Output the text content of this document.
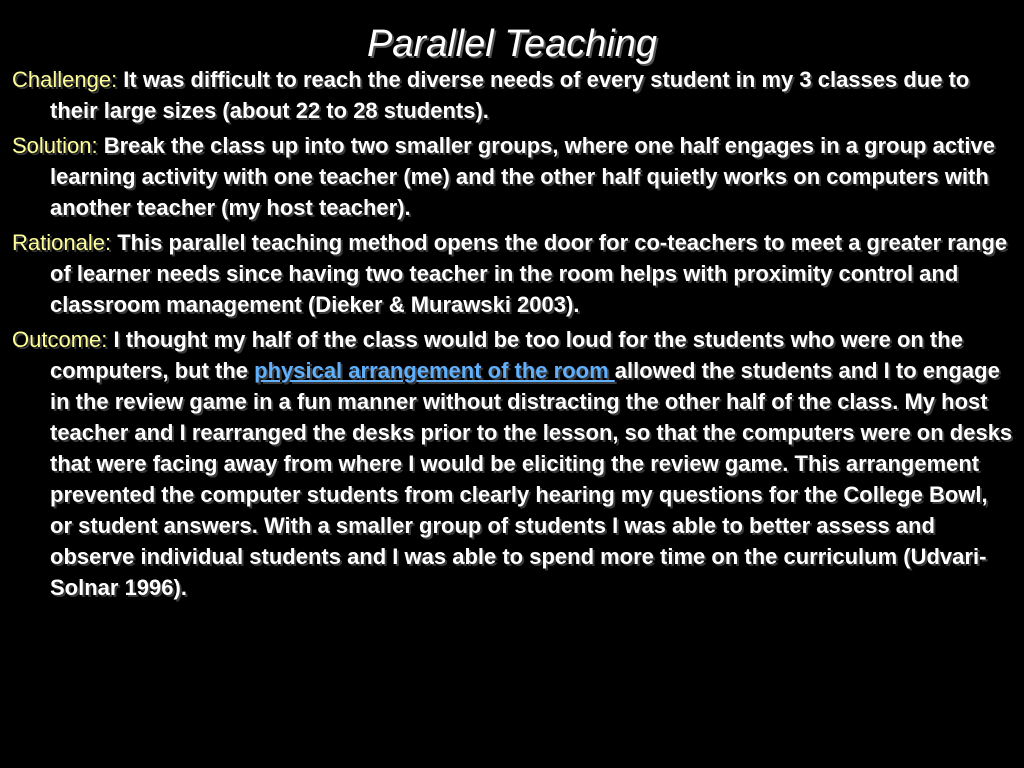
Parallel Teaching

Challenge: It was difficult to reach the diverse needs of every student in my 3 classes due to their large sizes (about 22 to 28 students).

Solution: Break the class up into two smaller groups, where one half engages in a group active learning activity with one teacher (me) and the other half quietly works on computers with another teacher (my host teacher).

Rationale: This parallel teaching method opens the door for co-teachers to meet a greater range of learner needs since having two teacher in the room helps with proximity control and classroom management (Dieker & Murawski 2003).

Outcome: I thought my half of the class would be too loud for the students who were on the computers, but the physical arrangement of the room allowed the students and I to engage in the review game in a fun manner without distracting the other half of the class. My host teacher and I rearranged the desks prior to the lesson, so that the computers were on desks that were facing away from where I would be eliciting the review game. This arrangement prevented the computer students from clearly hearing my questions for the College Bowl, or student answers. With a smaller group of students I was able to better assess and observe individual students and I was able to spend more time on the curriculum (Udvari-Solnar 1996).
